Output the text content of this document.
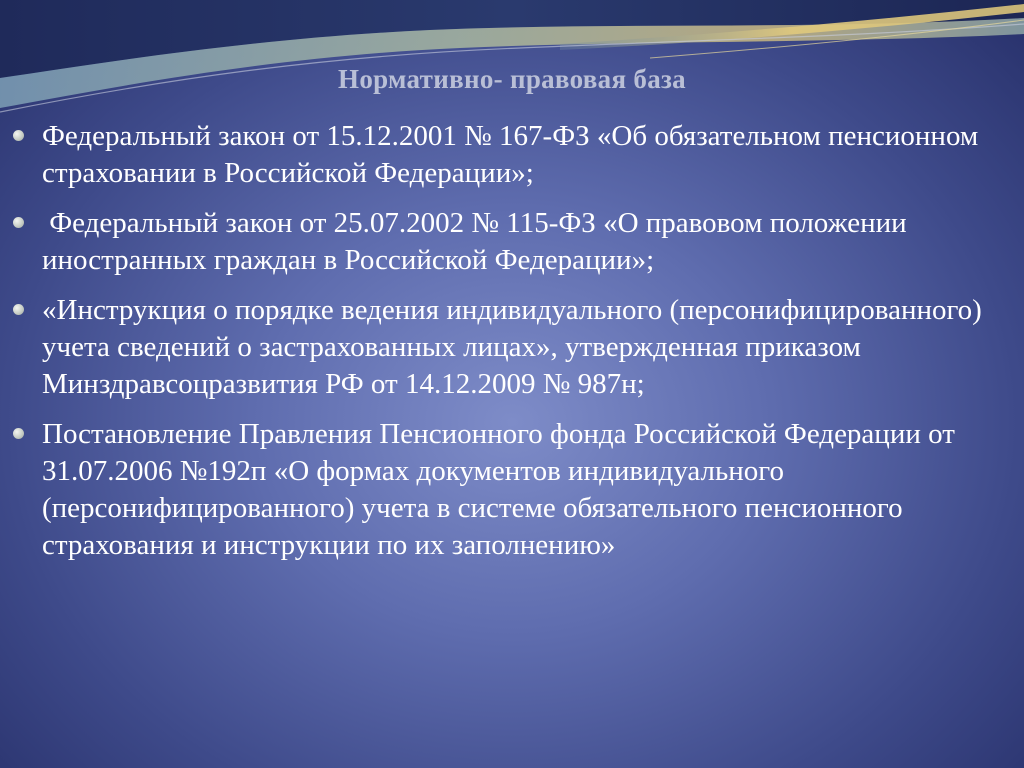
Нормативно- правовая база
Федеральный закон от 15.12.2001 № 167-ФЗ «Об обязательном пенсионном страховании в Российской Федерации»;
Федеральный закон от 25.07.2002 № 115-ФЗ «О правовом положении иностранных граждан в Российской Федерации»;
«Инструкция о порядке ведения индивидуального (персонифицированного) учета сведений о застрахованных лицах», утвержденная приказом Минздравсоцразвития РФ от 14.12.2009 № 987н;
Постановление Правления Пенсионного фонда Российской Федерации от 31.07.2006 №192п «О формах документов индивидуального (персонифицированного) учета в системе обязательного пенсионного страхования и инструкции по их заполнению»
